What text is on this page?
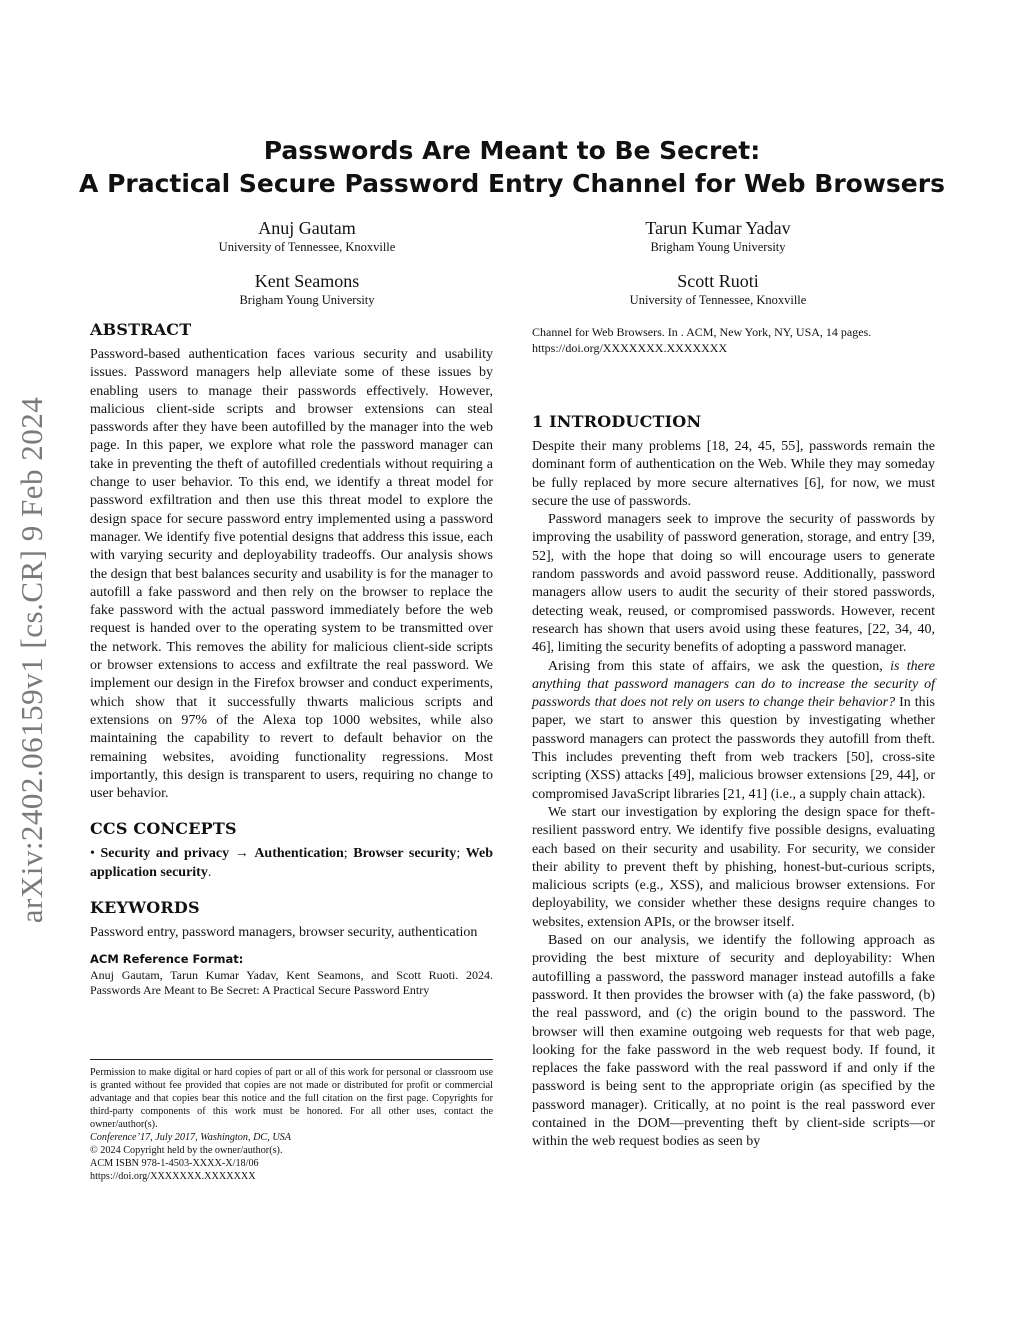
arXiv:2402.06159v1 [cs.CR] 9 Feb 2024
Passwords Are Meant to Be Secret:
A Practical Secure Password Entry Channel for Web Browsers
Anuj Gautam
University of Tennessee, Knoxville
Tarun Kumar Yadav
Brigham Young University
Kent Seamons
Brigham Young University
Scott Ruoti
University of Tennessee, Knoxville
ABSTRACT

Password-based authentication faces various security and usability issues. Password managers help alleviate some of these issues by enabling users to manage their passwords effectively. However, malicious client-side scripts and browser extensions can steal passwords after they have been autofilled by the manager into the web page. In this paper, we explore what role the password manager can take in preventing the theft of autofilled credentials without requiring a change to user behavior. To this end, we identify a threat model for password exfiltration and then use this threat model to explore the design space for secure password entry implemented using a password manager. We identify five potential designs that address this issue, each with varying security and deployability tradeoffs. Our analysis shows the design that best balances security and usability is for the manager to autofill a fake password and then rely on the browser to replace the fake password with the actual password immediately before the web request is handed over to the operating system to be transmitted over the network. This removes the ability for malicious client-side scripts or browser extensions to access and exfiltrate the real password. We implement our design in the Firefox browser and conduct experiments, which show that it successfully thwarts malicious scripts and extensions on 97% of the Alexa top 1000 websites, while also maintaining the capability to revert to default behavior on the remaining websites, avoiding functionality regressions. Most importantly, this design is transparent to users, requiring no change to user behavior.

CCS CONCEPTS

• Security and privacy → Authentication; Browser security; Web application security.

KEYWORDS

Password entry, password managers, browser security, authentication

ACM Reference Format:
Anuj Gautam, Tarun Kumar Yadav, Kent Seamons, and Scott Ruoti. 2024. Passwords Are Meant to Be Secret: A Practical Secure Password Entry
Permission to make digital or hard copies of part or all of this work for personal or classroom use is granted without fee provided that copies are not made or distributed for profit or commercial advantage and that copies bear this notice and the full citation on the first page. Copyrights for third-party components of this work must be honored. For all other uses, contact the owner/author(s).
Conference’17, July 2017, Washington, DC, USA
© 2024 Copyright held by the owner/author(s).
ACM ISBN 978-1-4503-XXXX-X/18/06
https://doi.org/XXXXXXX.XXXXXXX
Channel for Web Browsers. In . ACM, New York, NY, USA, 14 pages. https://doi.org/XXXXXXX.XXXXXXX
1 INTRODUCTION

Despite their many problems [18, 24, 45, 55], passwords remain the dominant form of authentication on the Web. While they may someday be fully replaced by more secure alternatives [6], for now, we must secure the use of passwords.

Password managers seek to improve the security of passwords by improving the usability of password generation, storage, and entry [39, 52], with the hope that doing so will encourage users to generate random passwords and avoid password reuse. Additionally, password managers allow users to audit the security of their stored passwords, detecting weak, reused, or compromised passwords. However, recent research has shown that users avoid using these features, [22, 34, 40, 46], limiting the security benefits of adopting a password manager.

Arising from this state of affairs, we ask the question, is there anything that password managers can do to increase the security of passwords that does not rely on users to change their behavior? In this paper, we start to answer this question by investigating whether password managers can protect the passwords they autofill from theft. This includes preventing theft from web trackers [50], cross-site scripting (XSS) attacks [49], malicious browser extensions [29, 44], or compromised JavaScript libraries [21, 41] (i.e., a supply chain attack).

We start our investigation by exploring the design space for theft-resilient password entry. We identify five possible designs, evaluating each based on their security and usability. For security, we consider their ability to prevent theft by phishing, honest-but-curious scripts, malicious scripts (e.g., XSS), and malicious browser extensions. For deployability, we consider whether these designs require changes to websites, extension APIs, or the browser itself.

Based on our analysis, we identify the following approach as providing the best mixture of security and deployability: When autofilling a password, the password manager instead autofills a fake password. It then provides the browser with (a) the fake password, (b) the real password, and (c) the origin bound to the password. The browser will then examine outgoing web requests for that web page, looking for the fake password in the web request body. If found, it replaces the fake password with the real password if and only if the password is being sent to the appropriate origin (as specified by the password manager). Critically, at no point is the real password ever contained in the DOM—preventing theft by client-side scripts—or within the web request bodies as seen by
